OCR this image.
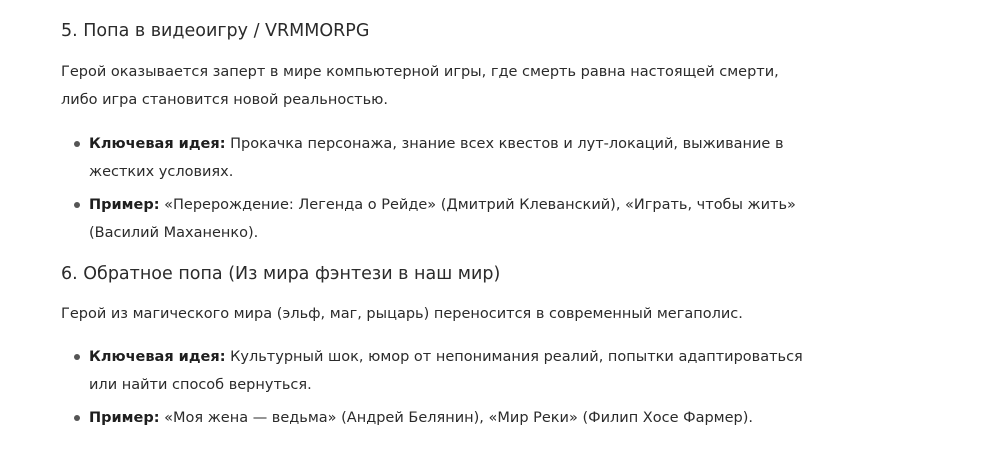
5. Попа в видеоигру / VRMMORPG

Герой оказывается заперт в мире компьютерной игры, где смерть равна настоящей смерти, либо игра становится новой реальностью.

Ключевая идея: Прокачка персонажа, знание всех квестов и лут-локаций, выживание в жестких условиях.
Пример: «Перерождение: Легенда о Рейде» (Дмитрий Клеванский), «Играть, чтобы жить» (Василий Маханенко).
6. Обратное попа (Из мира фэнтези в наш мир)

Герой из магического мира (эльф, маг, рыцарь) переносится в современный мегаполис.

Ключевая идея: Культурный шок, юмор от непонимания реалий, попытки адаптироваться или найти способ вернуться.
Пример: «Моя жена — ведьма» (Андрей Белянин), «Мир Реки» (Филип Хосе Фармер).
